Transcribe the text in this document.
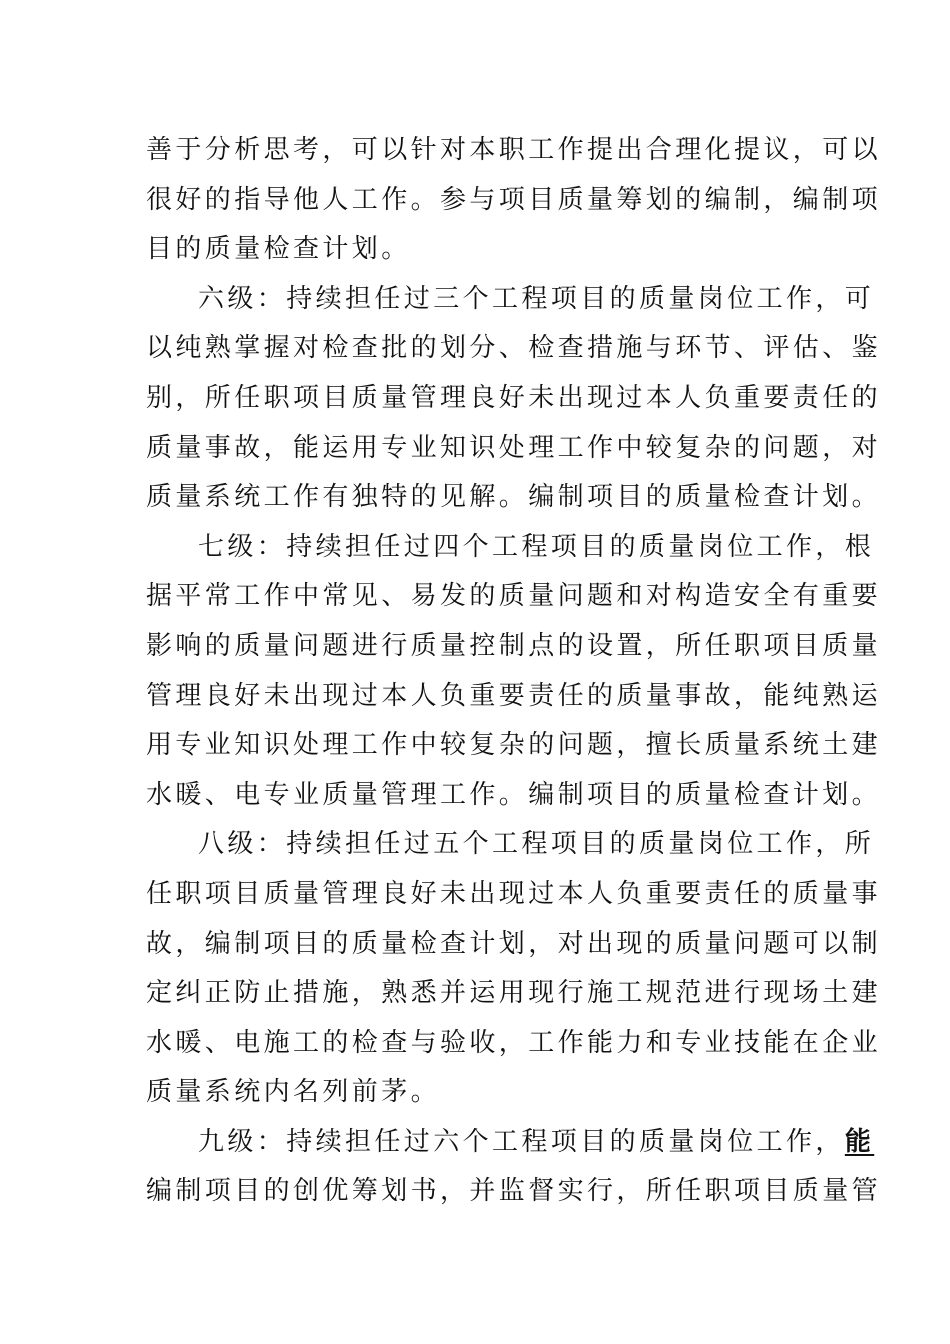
善于分析思考，可以针对本职工作提出合理化提议，可以
很好的指导他人工作。参与项目质量筹划的编制，编制项
目的质量检查计划。
六级：持续担任过三个工程项目的质量岗位工作，可
以纯熟掌握对检查批的划分、检查措施与环节、评估、鉴
别，所任职项目质量管理良好未出现过本人负重要责任的
质量事故，能运用专业知识处理工作中较复杂的问题，对
质量系统工作有独特的见解。编制项目的质量检查计划。
七级：持续担任过四个工程项目的质量岗位工作，根
据平常工作中常见、易发的质量问题和对构造安全有重要
影响的质量问题进行质量控制点的设置，所任职项目质量
管理良好未出现过本人负重要责任的质量事故，能纯熟运
用专业知识处理工作中较复杂的问题，擅长质量系统土建
水暖、电专业质量管理工作。编制项目的质量检查计划。
八级：持续担任过五个工程项目的质量岗位工作，所
任职项目质量管理良好未出现过本人负重要责任的质量事
故，编制项目的质量检查计划，对出现的质量问题可以制
定纠正防止措施，熟悉并运用现行施工规范进行现场土建
水暖、电施工的检查与验收，工作能力和专业技能在企业
质量系统内名列前茅。
九级：持续担任过六个工程项目的质量岗位工作，能
编制项目的创优筹划书，并监督实行，所任职项目质量管
